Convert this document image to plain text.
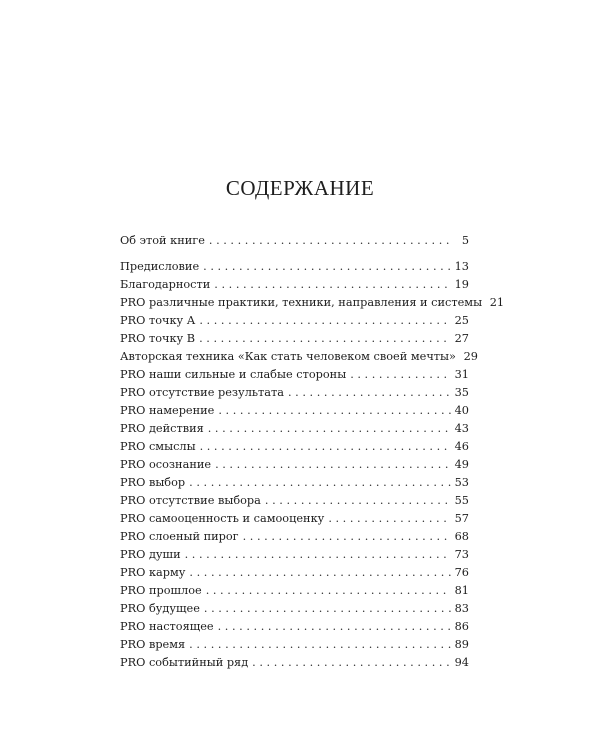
СОДЕРЖАНИЕ
Об этой книге . . .	5
Предисловие . . .	13
Благодарности . . .	19
PRO различные практики, техники, направления и системы 21
PRO точку А . . .	25
PRO точку В . . .	27
Авторская техника «Как стать человеком своей мечты» 29
PRO наши сильные и слабые стороны . . .	31
PRO отсутствие результата . . .	35
PRO намерение . . .	40
PRO действия . . .	43
PRO смыслы . . .	46
PRO осознание . . .	49
PRO выбор . . .	53
PRO отсутствие выбора . . .	55
PRO самооценность и самооценку . . .	57
PRO слоеный пирог . . .	68
PRO души . . .	73
PRO карму . . .	76
PRO прошлое . . .	81
PRO будущее . . .	83
PRO настоящее . . .	86
PRO время . . .	89
PRO событийный ряд . . .	94
